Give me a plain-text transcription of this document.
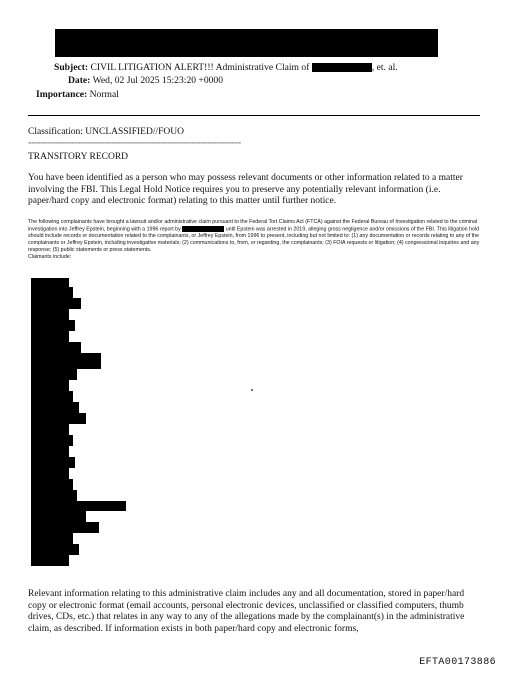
Subject: CIVIL LITIGATION ALERT!!! Administrative Claim of	, et. al.
Date: Wed, 02 Jul 2025 15:23:20 +0000
Importance: Normal
Classification: UNCLASSIFIED//FOUO
=====================================================================
TRANSITORY RECORD
You have been identified as a person who may possess relevant documents or other information related to a matter involving the FBI. This Legal Hold Notice requires you to preserve any potentially relevant information (i.e. paper/hard copy and electronic format) relating to this matter until further notice.
The following complainants have brought a lawsuit and/or administrative claim pursuant to the Federal Tort Claims Act (FTCA) against the Federal Bureau of Investigation related to the criminal investigation into Jeffrey Epstein, beginning with a 1996 report by	until Epstein was arrested in 2019, alleging gross negligence and/or omissions of the FBI. This litigation hold should include records or documentation related to the complainants, or Jeffrey Epstein, from 1996 to present, including but not limited to: (1) any documentation or records relating to any of the complainants or Jeffrey Epstein, including investigative materials; (2) communications to, from, or regarding, the complainants; (3) FOIA requests or litigation; (4) congressional inquiries and any response; (5) public statements or press statements.
Claimants include:
Relevant information relating to this administrative claim includes any and all documentation, stored in paper/hard copy or electronic format (email accounts, personal electronic devices, unclassified or classified computers, thumb drives, CDs, etc.) that relates in any way to any of the allegations made by the complainant(s) in the administrative claim, as described. If information exists in both paper/hard copy and electronic forms,
EFTA00173886
